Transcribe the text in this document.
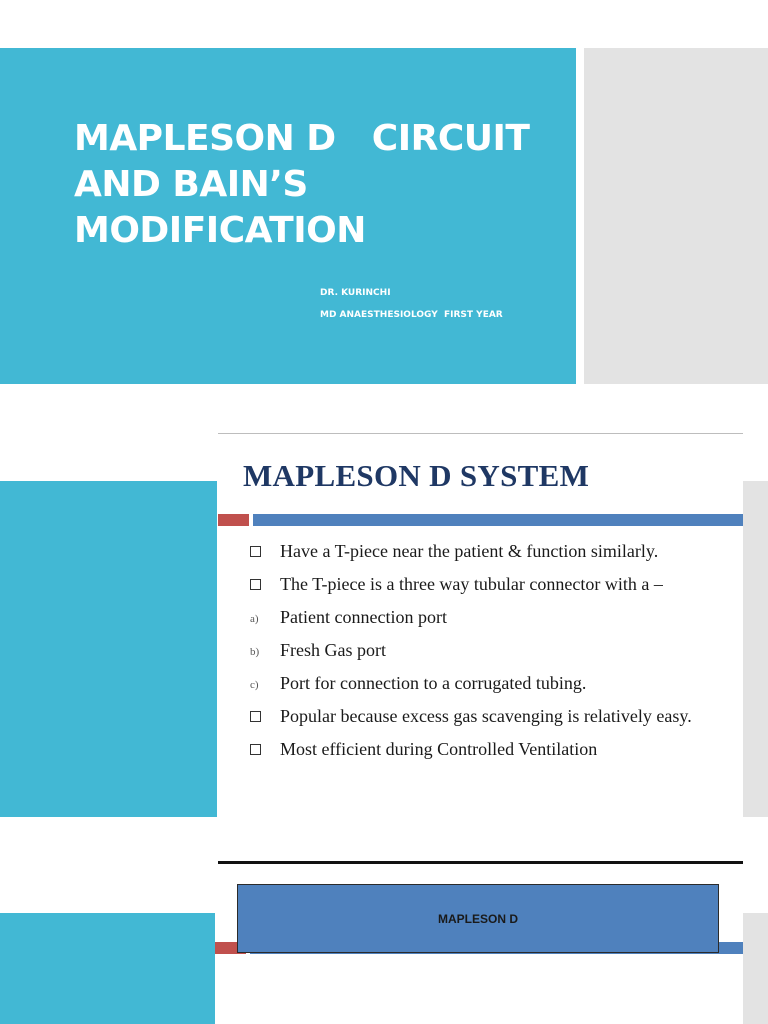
MAPLESON D   CIRCUIT
AND BAIN’S
MODIFICATION
DR. KURINCHI
MD ANAESTHESIOLOGY  FIRST YEAR
MAPLESON D SYSTEM
Have a T-piece near the patient & function similarly.
The T-piece is a three way tubular connector with a –
a)	Patient connection port
b)	Fresh Gas port
c)	Port for connection to a corrugated tubing.
Popular because excess gas scavenging is relatively easy.
Most efficient during Controlled Ventilation
MAPLESON D
